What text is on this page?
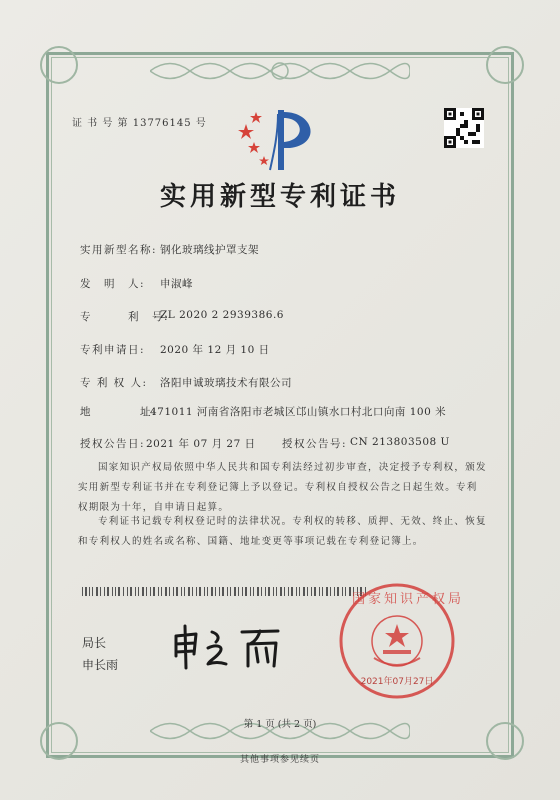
证 书 号 第 13776145 号
实用新型专利证书
实用新型名称: 钢化玻璃线护罩支架
发　明　人: 申淑峰
专　　　利　号:
ZL 2020 2 2939386.6
专利申请日: 2020 年 12 月 10 日
专 利 权 人: 洛阳申诚玻璃技术有限公司
地　　　　址:
471011 河南省洛阳市老城区邙山镇水口村北口向南 100 米
授权公告日: 2021 年 07 月 27 日	授权公告号: CN 213803508 U
国家知识产权局依照中华人民共和国专利法经过初步审查，决定授予专利权，颁发实用新型专利证书并在专利登记簿上予以登记。专利权自授权公告之日起生效。专利权期限为十年，自申请日起算。
专利证书记载专利权登记时的法律状况。专利权的转移、质押、无效、终止、恢复和专利权人的姓名或名称、国籍、地址变更等事项记载在专利登记簿上。
局长
申长雨
2021年07月27日
国家知识产权局
第 1 页 (共 2 页)
其他事项参见续页
